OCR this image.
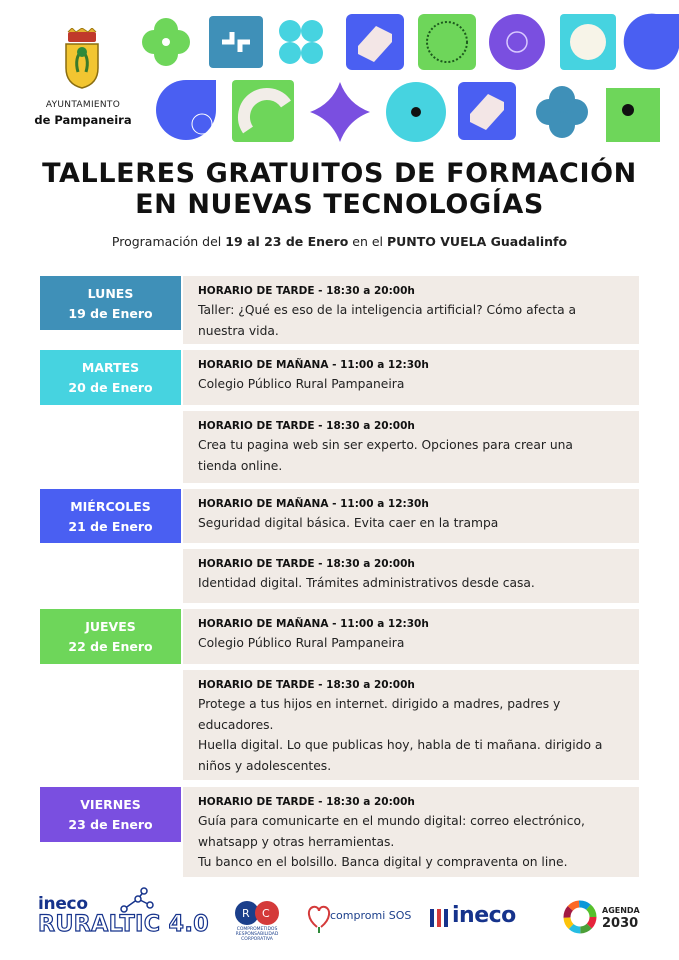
AYUNTAMIENTO
de Pampaneira
TALLERES GRATUITOS DE FORMACIÓN
EN NUEVAS TECNOLOGÍAS
Programación del 19 al 23 de Enero en el PUNTO VUELA Guadalinfo
LUNES
19 de Enero
HORARIO DE TARDE - 18:30 a 20:00h
Taller: ¿Qué es eso de la inteligencia artificial? Cómo afecta a
nuestra vida.
MARTES
20 de Enero
HORARIO DE MAÑANA - 11:00 a 12:30h
Colegio Público Rural Pampaneira
HORARIO DE TARDE - 18:30 a 20:00h
Crea tu pagina web sin ser experto. Opciones para crear una
tienda online.
MIÉRCOLES
21 de Enero
HORARIO DE MAÑANA - 11:00 a 12:30h
Seguridad digital básica. Evita caer en la trampa
HORARIO DE TARDE - 18:30 a 20:00h
Identidad digital. Trámites administrativos desde casa.
JUEVES
22 de Enero
HORARIO DE MAÑANA - 11:00 a 12:30h
Colegio Público Rural Pampaneira
HORARIO DE TARDE - 18:30 a 20:00h
Protege a tus hijos en internet. dirigido a madres, padres y
educadores.
Huella digital. Lo que publicas hoy, habla de ti mañana. dirigido a
niños y adolescentes.
VIERNES
23 de Enero
HORARIO DE TARDE - 18:30 a 20:00h
Guía para comunicarte en el mundo digital: correo electrónico,
whatsapp y otras herramientas.
Tu banco en el bolsillo. Banca digital y compraventa on line.
ineco
RURALTIC 4.0	R C
COMPROMETIDOS RESPONSABILIDAD CORPORATIVA
compromi SOS ineco	AGENDA
2030
